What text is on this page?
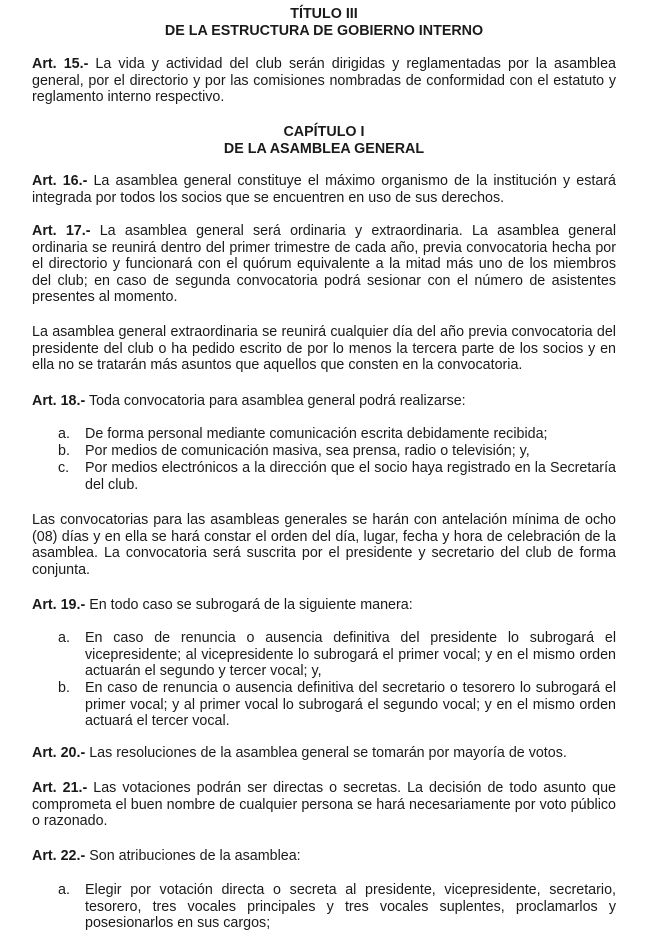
TÍTULO III
DE LA ESTRUCTURA DE GOBIERNO INTERNO

Art. 15.- La vida y actividad del club serán dirigidas y reglamentadas por la asamblea general, por el directorio y por las comisiones nombradas de conformidad con el estatuto y reglamento interno respectivo.

CAPÍTULO I
DE LA ASAMBLEA GENERAL

Art. 16.- La asamblea general constituye el máximo organismo de la institución y estará integrada por todos los socios que se encuentren en uso de sus derechos.

Art. 17.- La asamblea general será ordinaria y extraordinaria. La asamblea general ordinaria se reunirá dentro del primer trimestre de cada año, previa convocatoria hecha por el directorio y funcionará con el quórum equivalente a la mitad más uno de los miembros del club; en caso de segunda convocatoria podrá sesionar con el número de asistentes presentes al momento.

La asamblea general extraordinaria se reunirá cualquier día del año previa convocatoria del presidente del club o ha pedido escrito de por lo menos la tercera parte de los socios y en ella no se tratarán más asuntos que aquellos que consten en la convocatoria.

Art. 18.- Toda convocatoria para asamblea general podrá realizarse:

a. De forma personal mediante comunicación escrita debidamente recibida;

b. Por medios de comunicación masiva, sea prensa, radio o televisión; y,

c. Por medios electrónicos a la dirección que el socio haya registrado en la Secretaría del club.

Las convocatorias para las asambleas generales se harán con antelación mínima de ocho (08) días y en ella se hará constar el orden del día, lugar, fecha y hora de celebración de la asamblea. La convocatoria será suscrita por el presidente y secretario del club de forma conjunta.

Art. 19.- En todo caso se subrogará de la siguiente manera:

a. En caso de renuncia o ausencia definitiva del presidente lo subrogará el vicepresidente; al vicepresidente lo subrogará el primer vocal; y en el mismo orden actuarán el segundo y tercer vocal; y,

b. En caso de renuncia o ausencia definitiva del secretario o tesorero lo subrogará el primer vocal; y al primer vocal lo subrogará el segundo vocal; y en el mismo orden actuará el tercer vocal.

Art. 20.- Las resoluciones de la asamblea general se tomarán por mayoría de votos.

Art. 21.- Las votaciones podrán ser directas o secretas. La decisión de todo asunto que comprometa el buen nombre de cualquier persona se hará necesariamente por voto público o razonado.

Art. 22.- Son atribuciones de la asamblea:

a. Elegir por votación directa o secreta al presidente, vicepresidente, secretario, tesorero, tres vocales principales y tres vocales suplentes, proclamarlos y posesionarlos en sus cargos;
